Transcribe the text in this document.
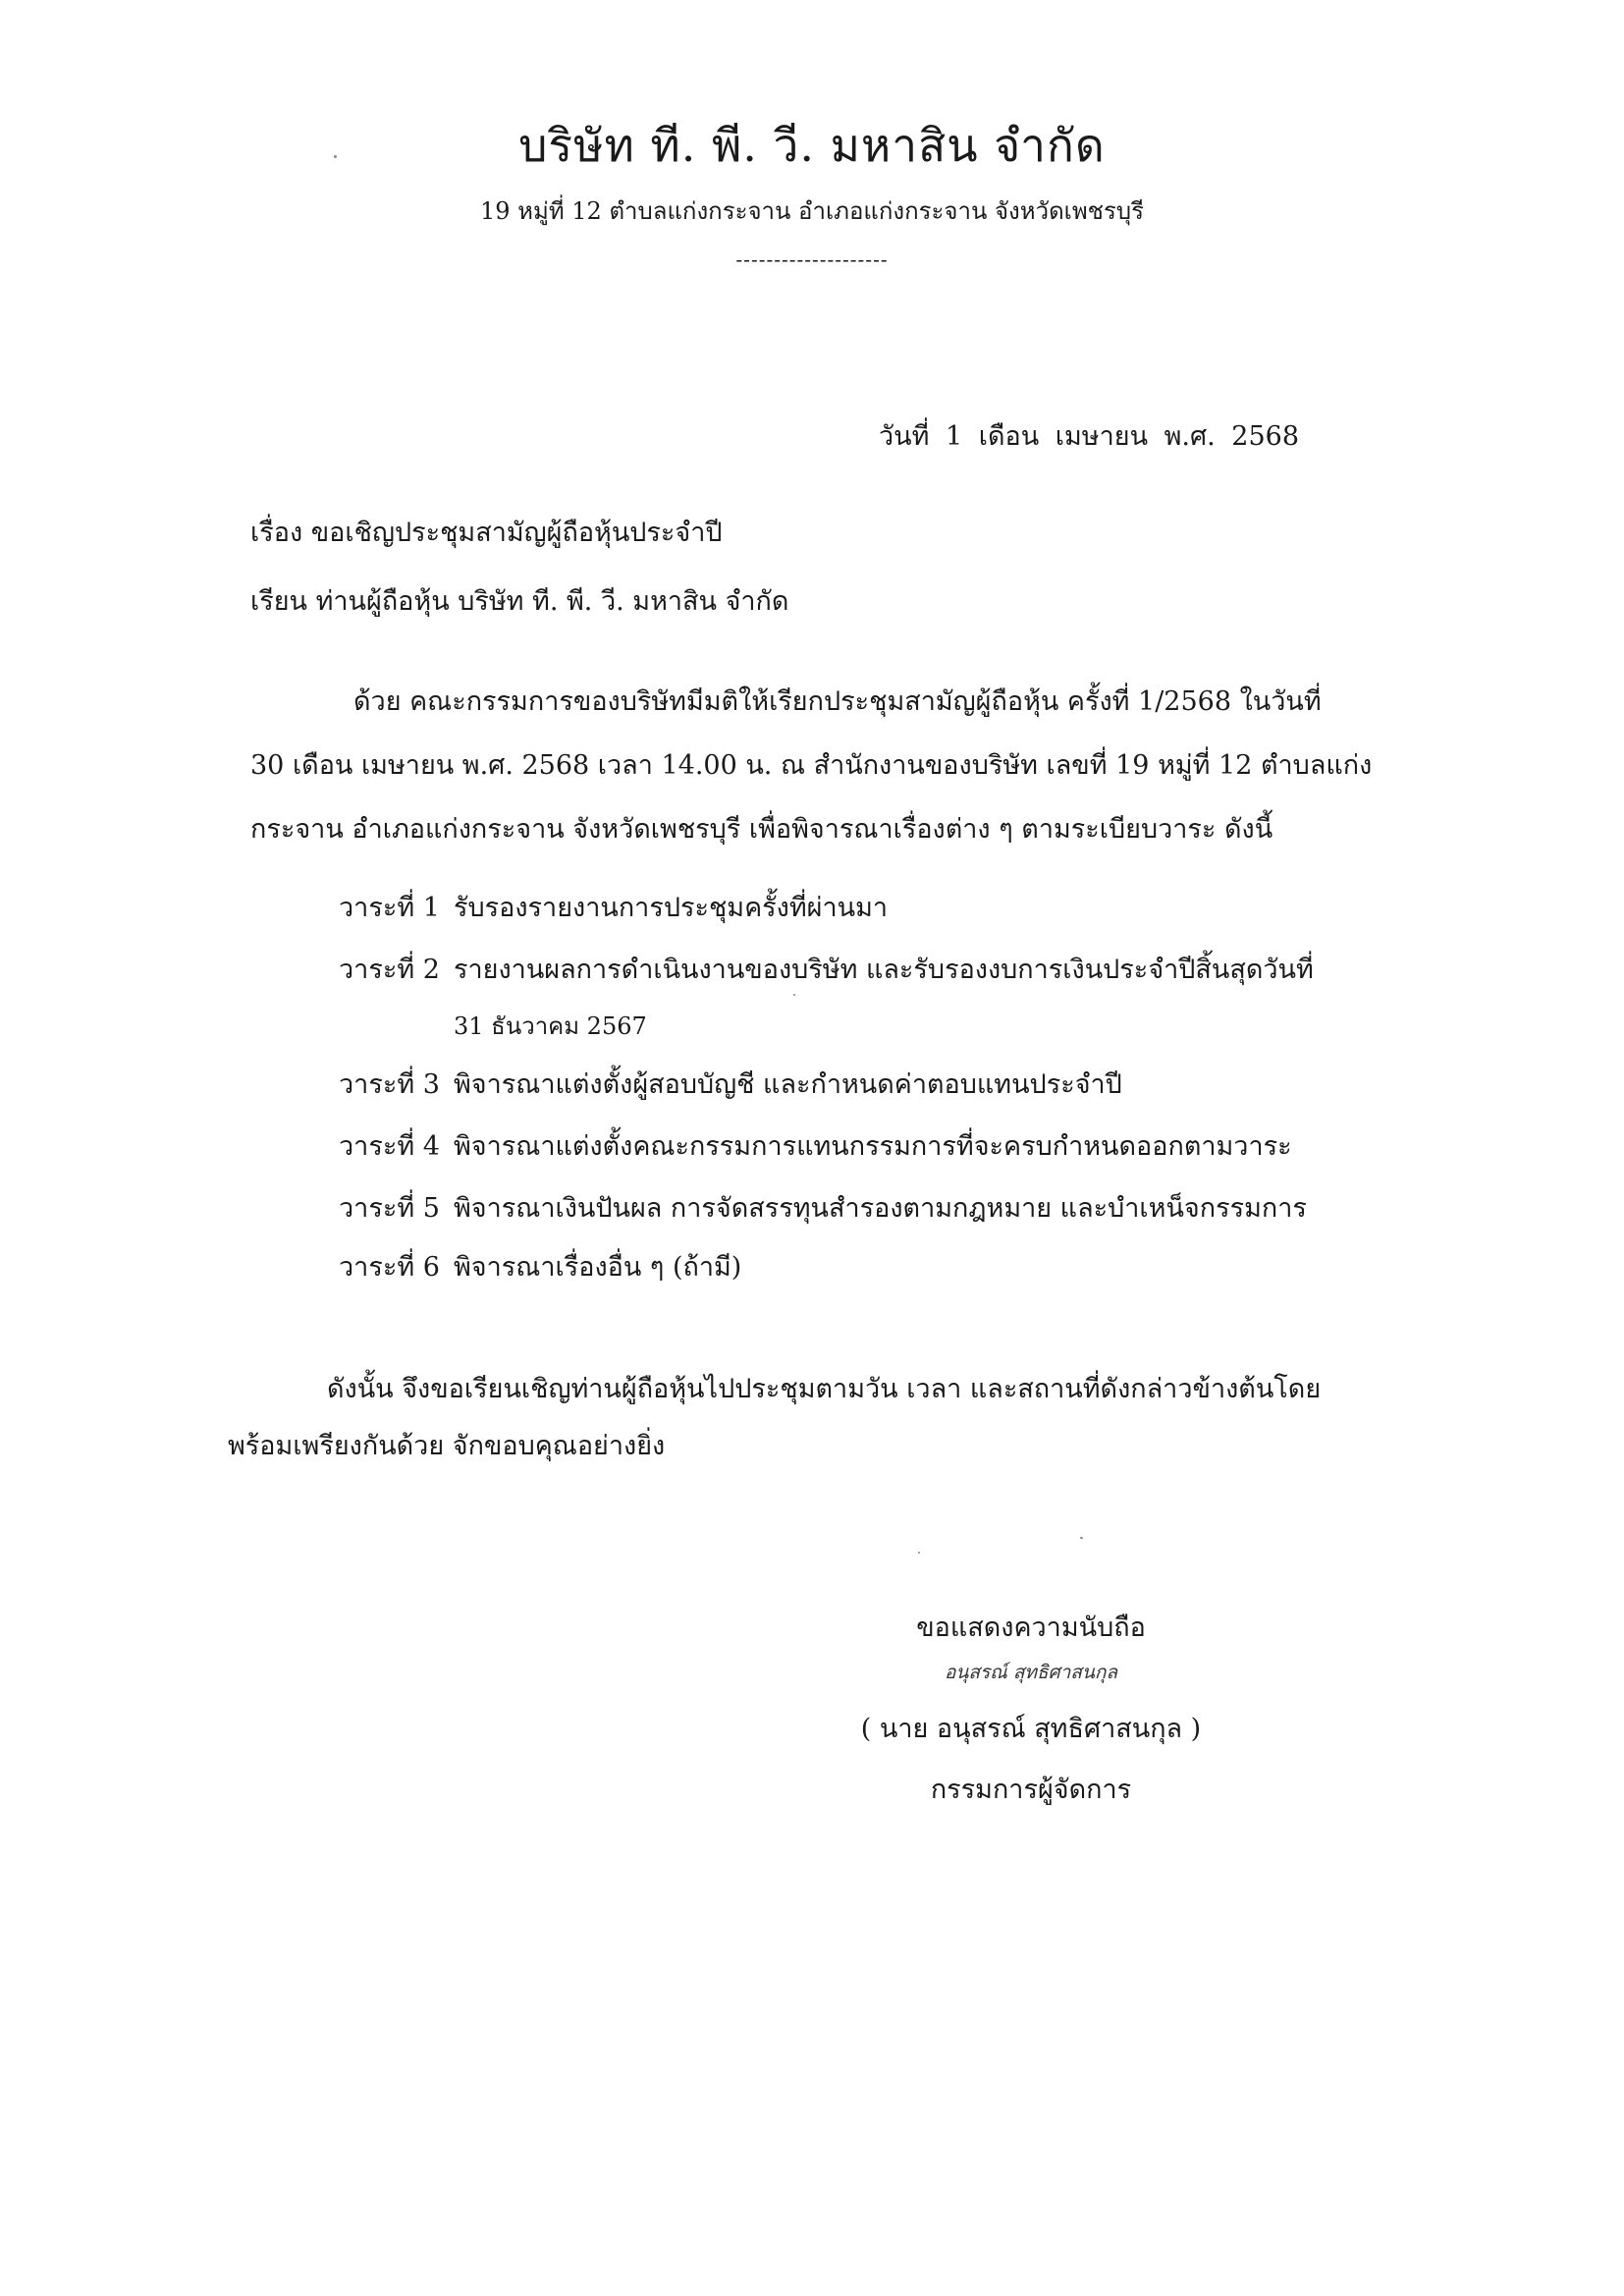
บริษัท ที. พี. วี. มหาสิน จำกัด
19 หมู่ที่ 12 ตำบลแก่งกระจาน อำเภอแก่งกระจาน จังหวัดเพชรบุรี
--------------------
วันที่ 1 เดือน เมษายน พ.ศ. 2568
เรื่อง ขอเชิญประชุมสามัญผู้ถือหุ้นประจำปี
เรียน ท่านผู้ถือหุ้น บริษัท ที. พี. วี. มหาสิน จำกัด
ด้วย คณะกรรมการของบริษัทมีมติให้เรียกประชุมสามัญผู้ถือหุ้น ครั้งที่ 1/2568 ในวันที่
30 เดือน เมษายน พ.ศ. 2568 เวลา 14.00 น. ณ สำนักงานของบริษัท เลขที่ 19 หมู่ที่ 12 ตำบลแก่ง
กระจาน อำเภอแก่งกระจาน จังหวัดเพชรบุรี เพื่อพิจารณาเรื่องต่าง ๆ ตามระเบียบวาระ ดังนี้
วาระที่ 1 รับรองรายงานการประชุมครั้งที่ผ่านมา
วาระที่ 2 รายงานผลการดำเนินงานของบริษัท และรับรองงบการเงินประจำปีสิ้นสุดวันที่
31 ธันวาคม 2567
วาระที่ 3 พิจารณาแต่งตั้งผู้สอบบัญชี และกำหนดค่าตอบแทนประจำปี
วาระที่ 4 พิจารณาแต่งตั้งคณะกรรมการแทนกรรมการที่จะครบกำหนดออกตามวาระ
วาระที่ 5 พิจารณาเงินปันผล การจัดสรรทุนสำรองตามกฎหมาย และบำเหน็จกรรมการ
วาระที่ 6 พิจารณาเรื่องอื่น ๆ (ถ้ามี)
ดังนั้น จึงขอเรียนเชิญท่านผู้ถือหุ้นไปประชุมตามวัน เวลา และสถานที่ดังกล่าวข้างต้นโดย
พร้อมเพรียงกันด้วย จักขอบคุณอย่างยิ่ง
ขอแสดงความนับถือ
อนุสรณ์ สุทธิศาสนกุล
( นาย อนุสรณ์ สุทธิศาสนกุล )
กรรมการผู้จัดการ
